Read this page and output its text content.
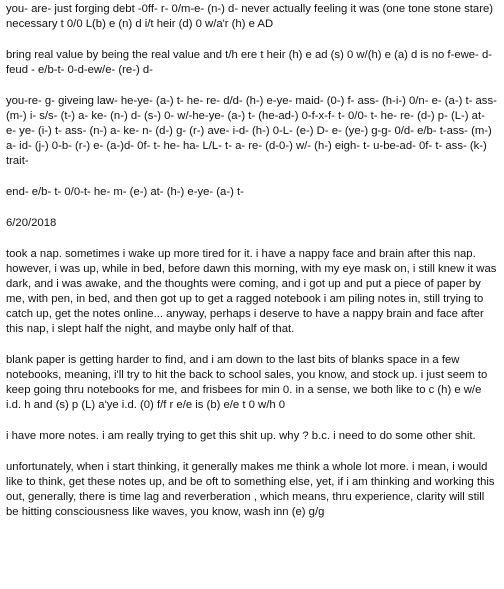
you- are- just forging debt -0ff- r- 0/m-e- (n-) d- never actually feeling it was (one tone stone stare) necessary t 0/0 L(b) e (n) d i/t heir (d) 0 w/a'r (h) e AD

bring real value by being the real value and t/h ere t heir (h) e ad (s) 0 w/(h) e (a) d is no f-ewe- d- feud - e/b-t- 0-d-ew/e- (re-) d-

you-re- g- giveing law- he-ye- (a-) t- he- re- d/d- (h-) e-ye- maid- (0-) f- ass- (h-i-) 0/n- e- (a-) t- ass- (m-) i- s/s- (t-) a- ke- (n-) d- (s-) 0- w/-he-ye- (a-) t- (he-ad-) 0-f-x-f- t- 0/0- t- he- re- (d-) p- (L-) at- e- ye- (i-) t- ass- (n-) a- ke- n- (d-) g- (r-) ave- i-d- (h-) 0-L- (e-) D- e- (ye-) g-g- 0/d- e/b- t-ass- (m-) a- id- (j-) 0-b- (r-) e- (a-)d- 0f- t- he- ha- L/L- t- a- re- (d-0-) w/- (h-) eigh- t- u-be-ad- 0f- t- ass- (k-) trait-

end- e/b- t- 0/0-t- he- m- (e-) at- (h-) e-ye- (a-) t-

6/20/2018

took a nap. sometimes i wake up more tired for it. i have a nappy face and brain after this nap. however, i was up, while in bed, before dawn this morning, with my eye mask on, i still knew it was dark, and i was awake, and the thoughts were coming, and i got up and put a piece of paper by me, with pen, in bed, and then got up to get a ragged notebook i am piling notes in, still trying to catch up, get the notes online... anyway, perhaps i deserve to have a nappy brain and face after this nap, i slept half the night, and maybe only half of that.

blank paper is getting harder to find, and i am down to the last bits of blanks space in a few notebooks, meaning, i'll try to hit the back to school sales, you know, and stock up. i just seem to keep going thru notebooks for me, and frisbees for min 0. in a sense, we both like to c (h) e w/e i.d. h and (s) p (L) a'ye i.d. (0) f/f r e/e is (b) e/e t 0 w/h 0

i have more notes. i am really trying to get this shit up. why ? b.c. i need to do some other shit.

unfortunately, when i start thinking, it generally makes me think a whole lot more. i mean, i would like to think, get these notes up, and be oft to something else, yet, if i am thinking and working this out, generally, there is time lag and reverberation , which means, thru experience, clarity will still be hitting consciousness like waves, you know, wash inn (e) g/g
